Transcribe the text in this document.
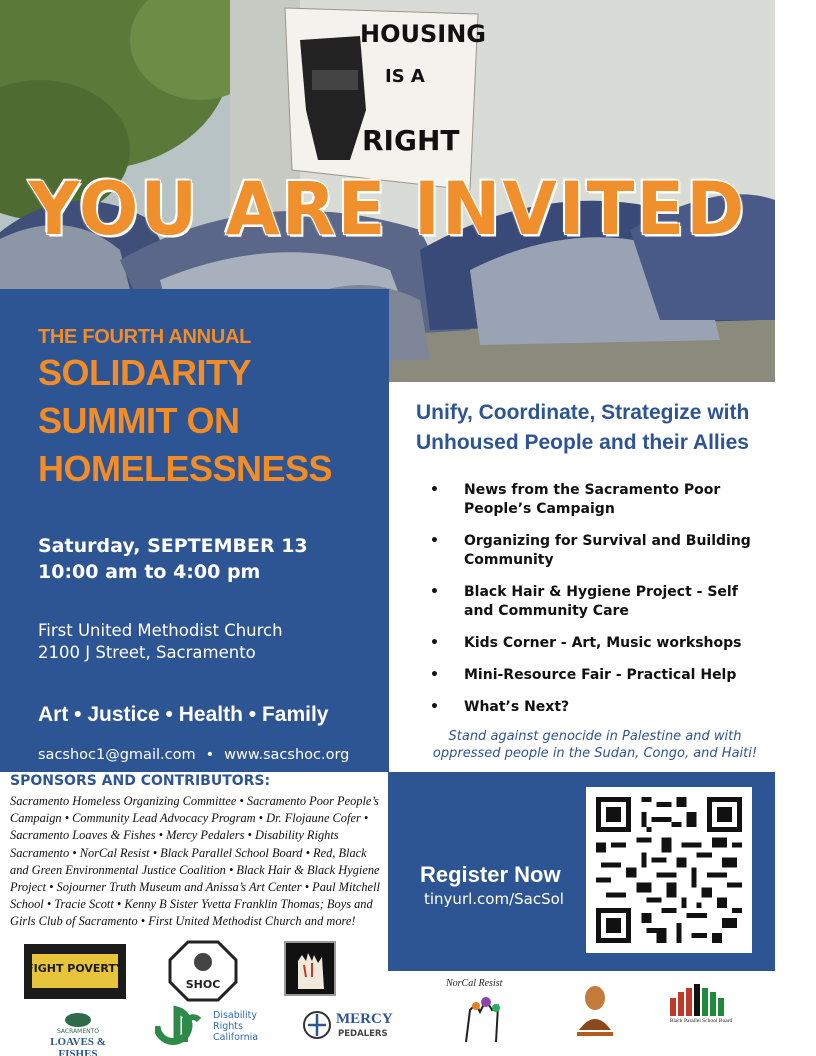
HOUSING
IS A
RIGHT
YOU ARE INVITED
THE FOURTH ANNUAL
SOLIDARITY
SUMMIT ON
HOMELESSNESS
Saturday, SEPTEMBER 13
10:00 am to 4:00 pm
First United Methodist Church
2100 J Street, Sacramento
Art • Justice • Health • Family
sacshoc1@gmail.com • www.sacshoc.org
Unify, Coordinate, Strategize with Unhoused People and their Allies
• News from the Sacramento Poor People’s Campaign
• Organizing for Survival and Building Community
• Black Hair & Hygiene Project - Self and Community Care
• Kids Corner - Art, Music workshops
• Mini-Resource Fair - Practical Help
• What’s Next?
Stand against genocide in Palestine and with oppressed people in the Sudan, Congo, and Haiti!
SPONSORS AND CONTRIBUTORS:
Sacramento Homeless Organizing Committee • Sacramento Poor People’s Campaign • Community Lead Advocacy Program • Dr. Flojaune Cofer • Sacramento Loaves & Fishes • Mercy Pedalers • Disability Rights Sacramento • NorCal Resist • Black Parallel School Board • Red, Black and Green Environmental Justice Coalition • Black Hair & Black Hygiene Project • Sojourner Truth Museum and Anissa’s Art Center • Paul Mitchell School • Tracie Scott • Kenny B Sister Yvetta Franklin Thomas; Boys and Girls Club of Sacramento • First United Methodist Church and more!
Register Now
tinyurl.com/SacSol
FIGHT POVERTY
SHOC
SACRAMENTO
LOAVES & FISHES
Disability
Rights
California
MERCY
PEDALERS
NorCal Resist
Black Parallel School Board
